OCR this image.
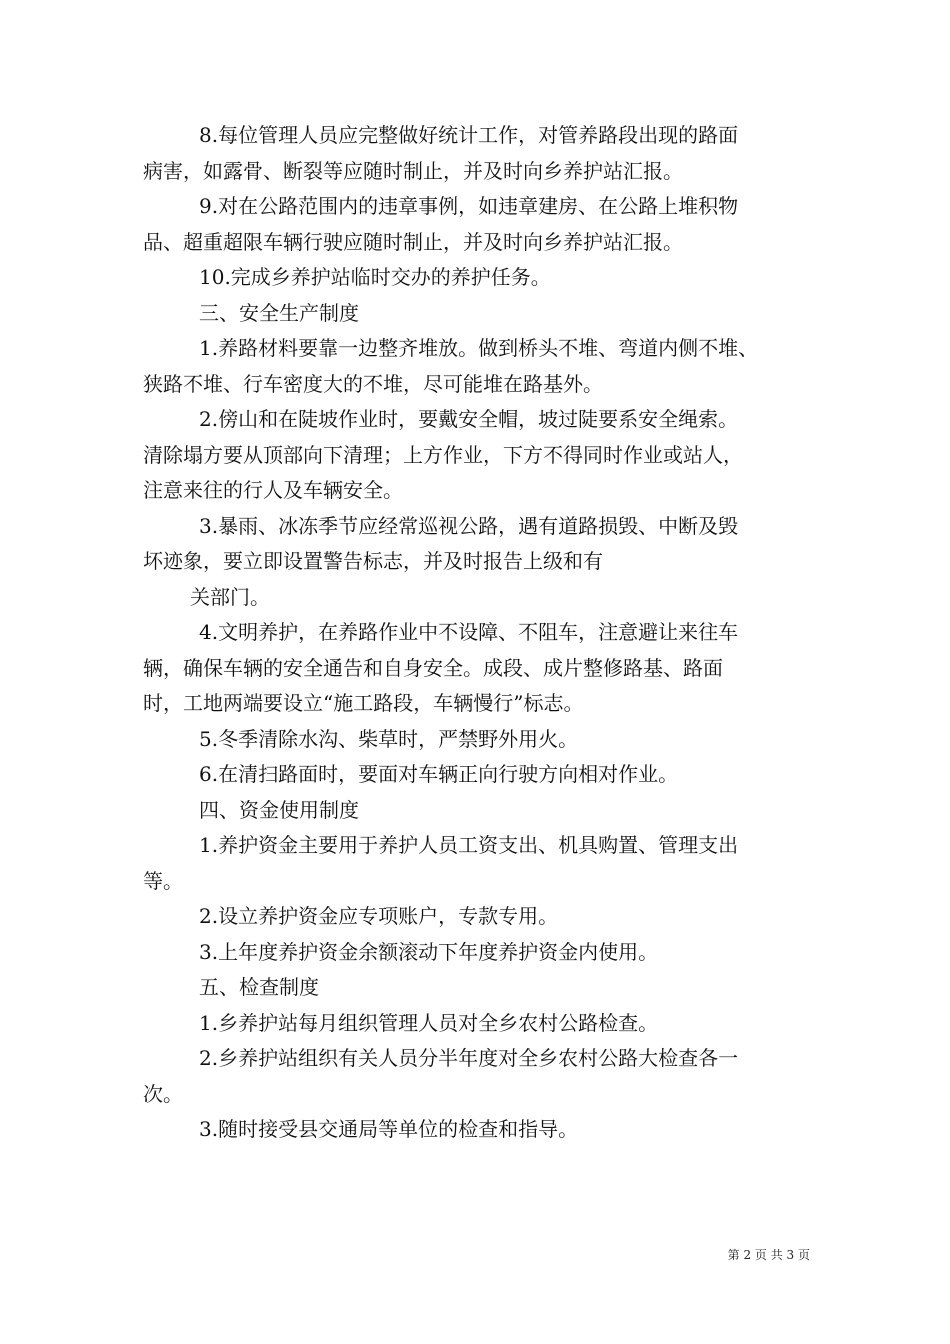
8.每位管理人员应完整做好统计工作，对管养路段出现的路面
病害，如露骨、断裂等应随时制止，并及时向乡养护站汇报。
9.对在公路范围内的违章事例，如违章建房、在公路上堆积物
品、超重超限车辆行驶应随时制止，并及时向乡养护站汇报。
10.完成乡养护站临时交办的养护任务。
三、安全生产制度
1.养路材料要靠一边整齐堆放。做到桥头不堆、弯道内侧不堆、
狭路不堆、行车密度大的不堆，尽可能堆在路基外。
2.傍山和在陡坡作业时，要戴安全帽，坡过陡要系安全绳索。
清除塌方要从顶部向下清理；上方作业，下方不得同时作业或站人，
注意来往的行人及车辆安全。
3.暴雨、冰冻季节应经常巡视公路，遇有道路损毁、中断及毁
坏迹象，要立即设置警告标志，并及时报告上级和有
关部门。
4.文明养护，在养路作业中不设障、不阻车，注意避让来往车
辆，确保车辆的安全通告和自身安全。成段、成片整修路基、路面
时，工地两端要设立“施工路段，车辆慢行”标志。
5.冬季清除水沟、柴草时，严禁野外用火。
6.在清扫路面时，要面对车辆正向行驶方向相对作业。
四、资金使用制度
1.养护资金主要用于养护人员工资支出、机具购置、管理支出
等。
2.设立养护资金应专项账户，专款专用。
3.上年度养护资金余额滚动下年度养护资金内使用。
五、检查制度
1.乡养护站每月组织管理人员对全乡农村公路检查。
2.乡养护站组织有关人员分半年度对全乡农村公路大检查各一
次。
3.随时接受县交通局等单位的检查和指导。
第 2 页 共 3 页
